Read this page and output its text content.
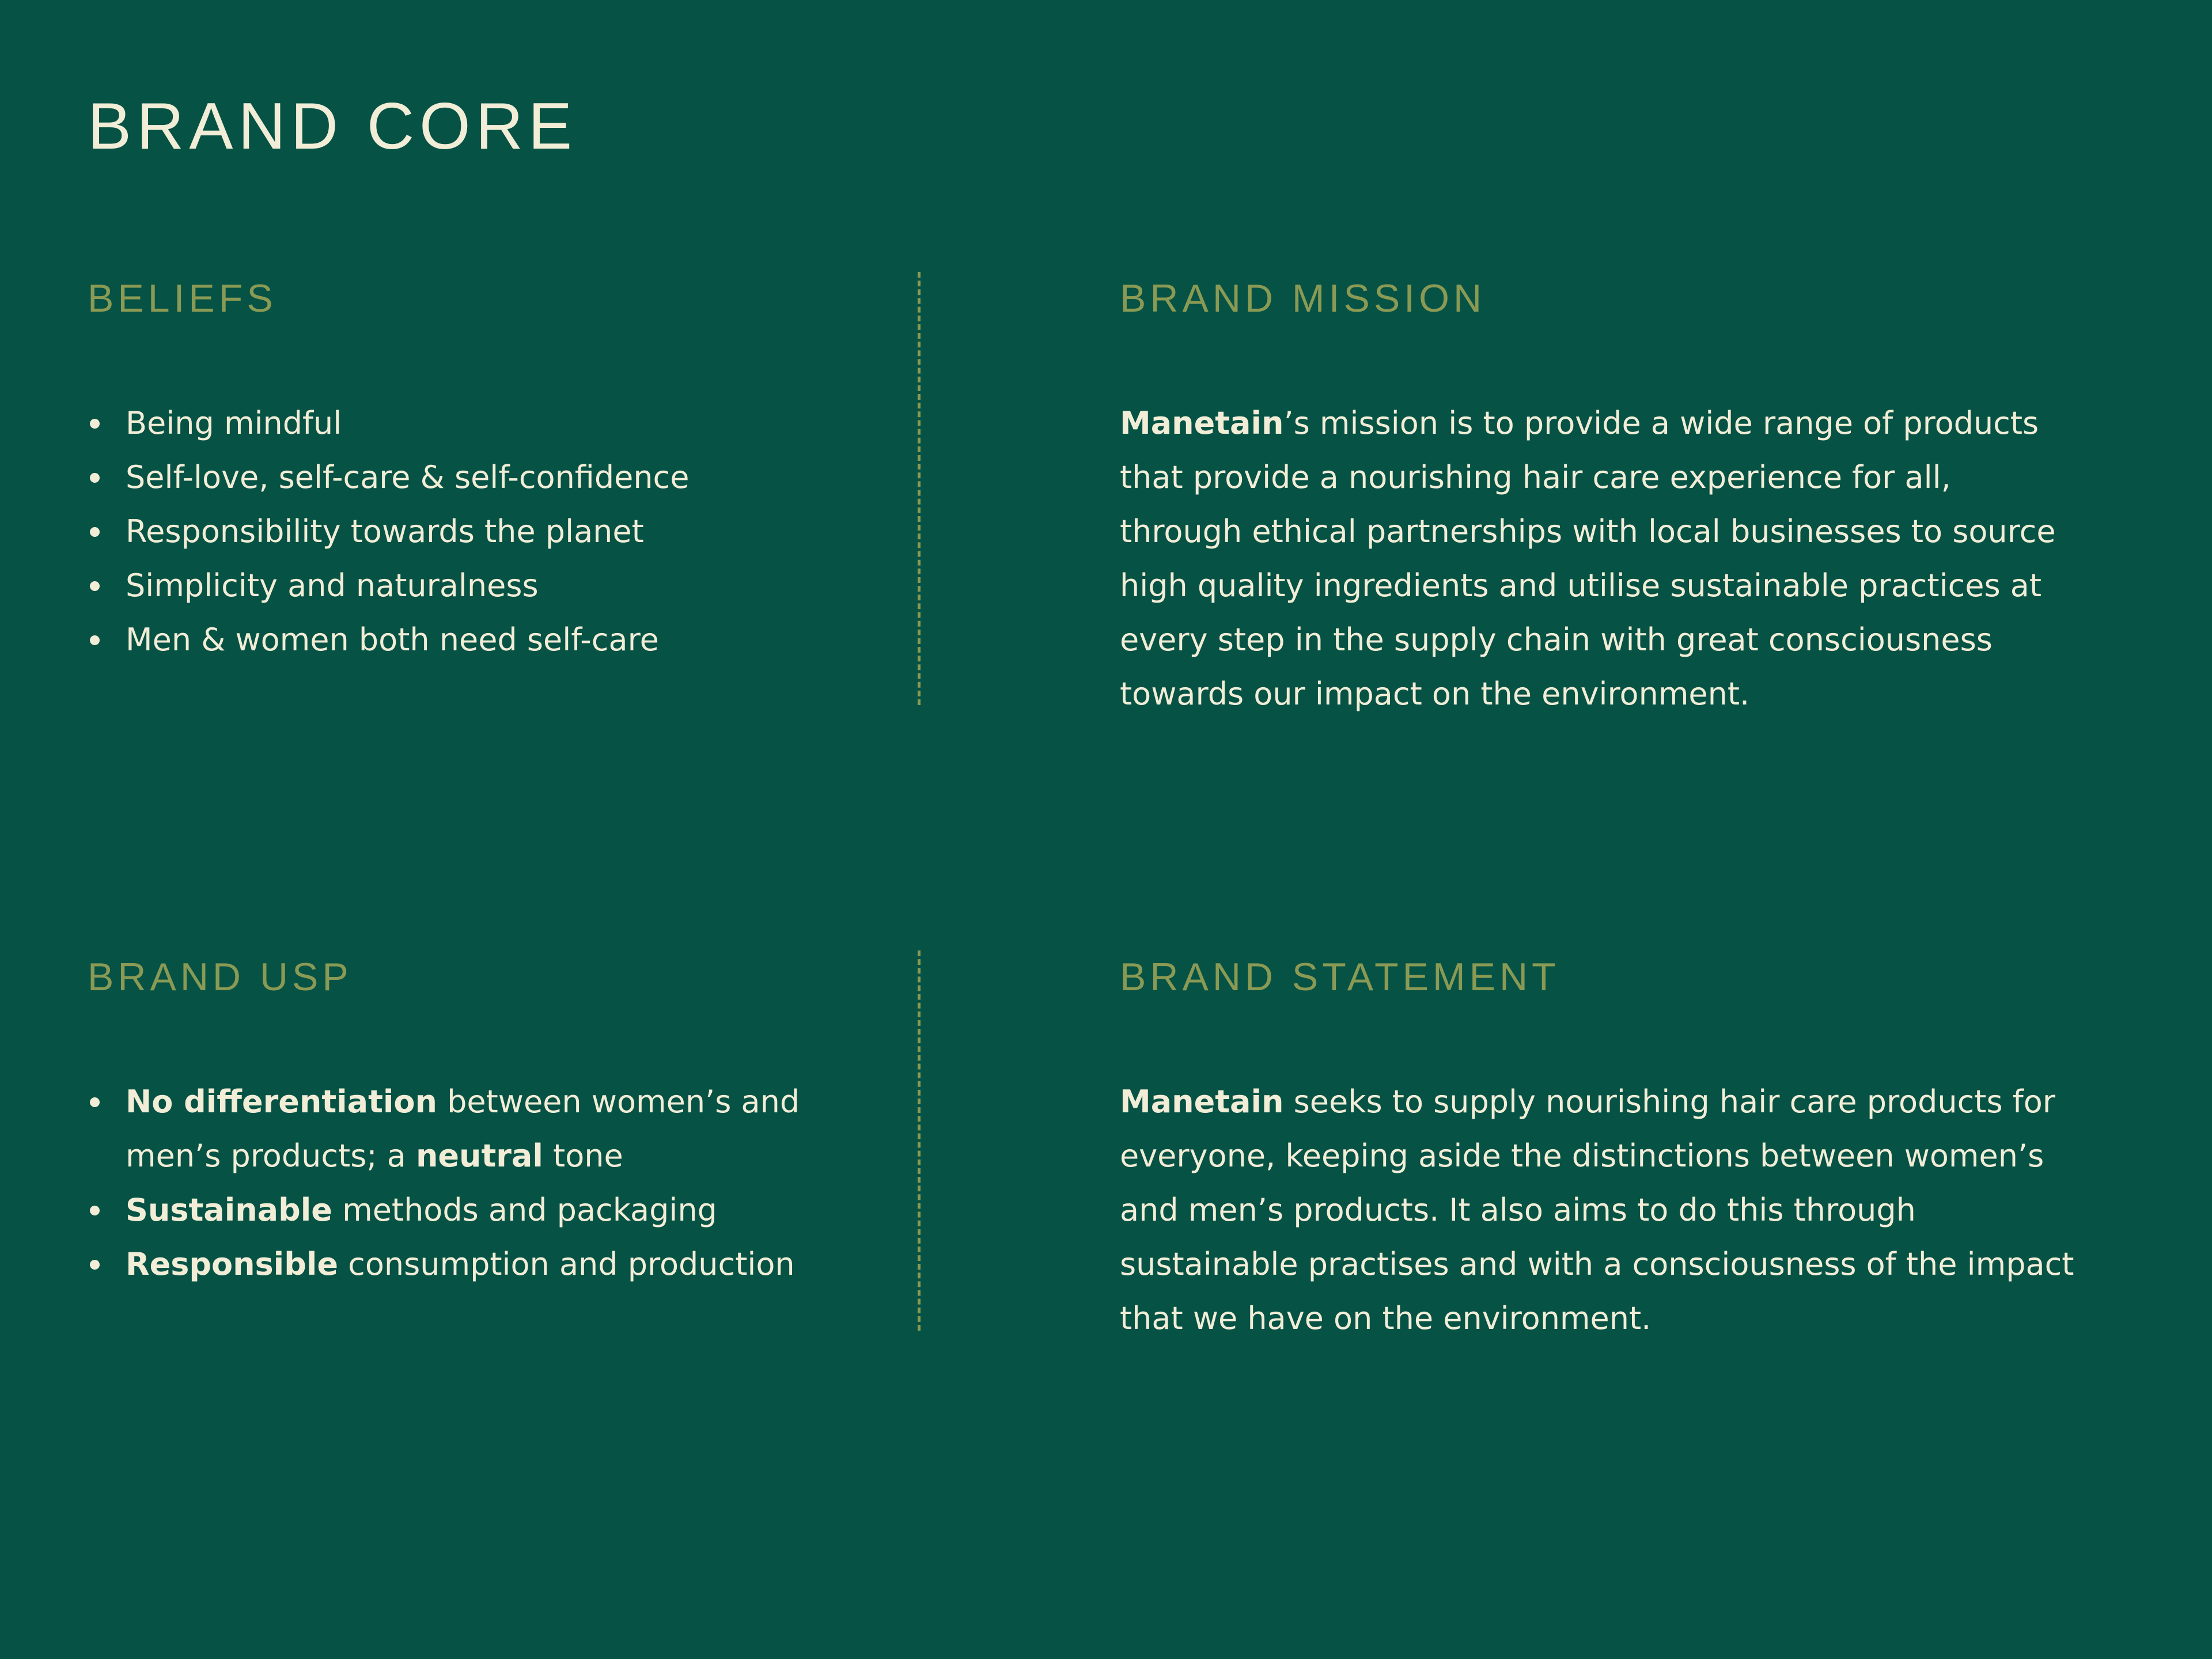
BRAND CORE
BELIEFS
Being mindful
Self-love, self-care & self-confidence
Responsibility towards the planet
Simplicity and naturalness
Men & women both need self-care
BRAND MISSION

Manetain’s mission is to provide a wide range of products that provide a nourishing hair care experience for all, through ethical partnerships with local businesses to source high quality ingredients and utilise sustainable practices at every step in the supply chain with great consciousness towards our impact on the environment.

BRAND USP
No differentiation between women’s and men’s products; a neutral tone
Sustainable methods and packaging
Responsible consumption and production
BRAND STATEMENT

Manetain seeks to supply nourishing hair care products for everyone, keeping aside the distinctions between women’s and men’s products. It also aims to do this through sustainable practises and with a consciousness of the impact that we have on the environment.
